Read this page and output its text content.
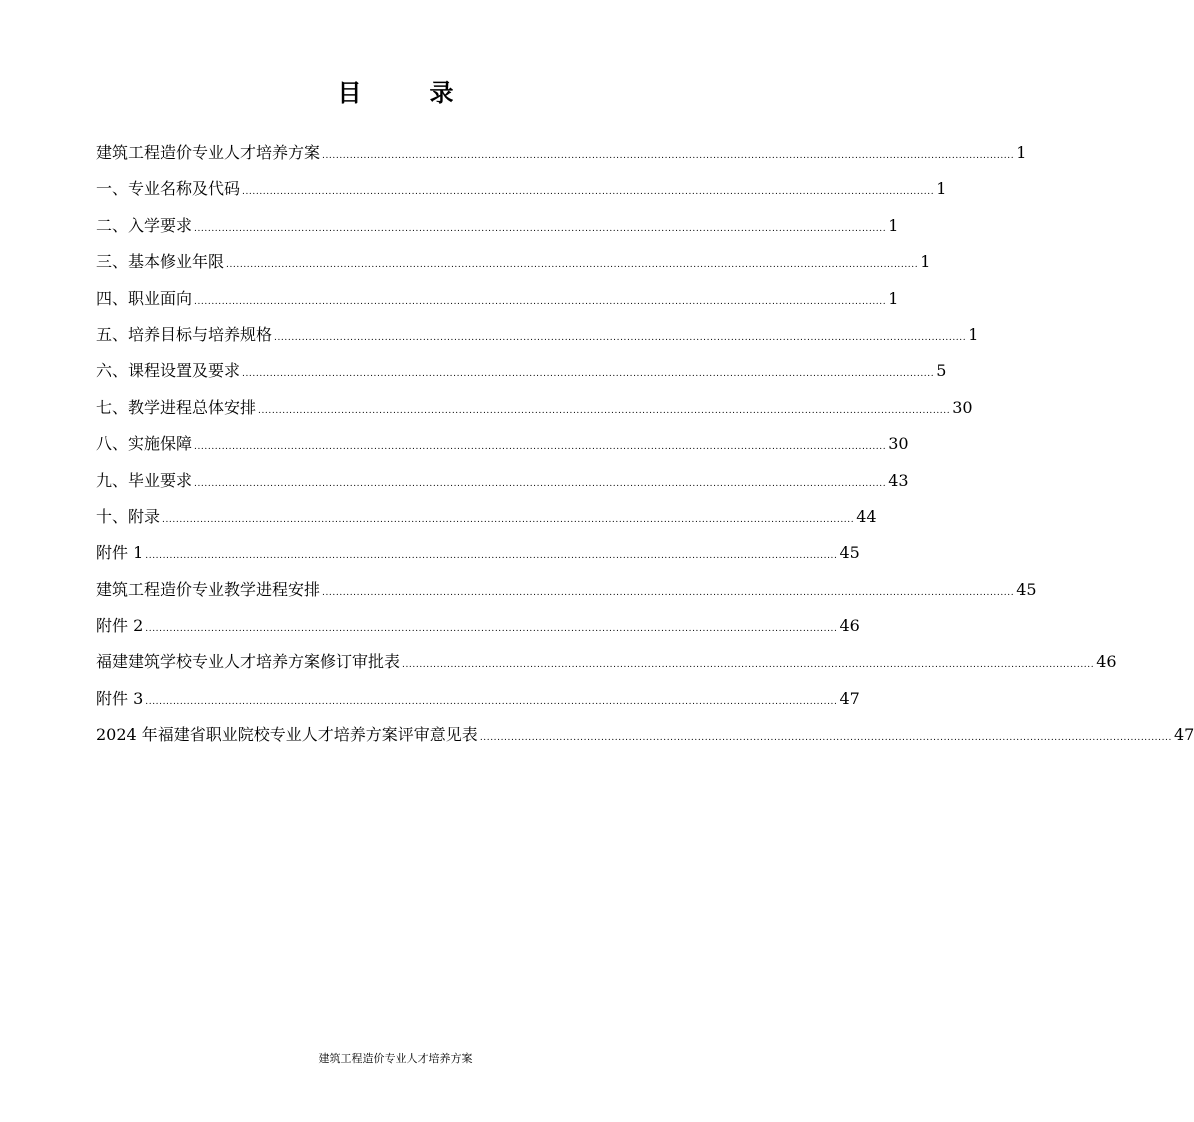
目　录
建筑工程造价专业人才培养方案 ........................................................................................................................................................................................................ 1
一、专业名称及代码 ........................................................................................................................................................................................................ 1
二、入学要求 ........................................................................................................................................................................................................ 1
三、基本修业年限 ........................................................................................................................................................................................................ 1
四、职业面向 ........................................................................................................................................................................................................ 1
五、培养目标与培养规格 ........................................................................................................................................................................................................ 1
六、课程设置及要求 ........................................................................................................................................................................................................ 5
七、教学进程总体安排 ........................................................................................................................................................................................................ 30
八、实施保障 ........................................................................................................................................................................................................ 30
九、毕业要求 ........................................................................................................................................................................................................ 43
十、附录 ........................................................................................................................................................................................................ 44
附件 1 ........................................................................................................................................................................................................ 45
建筑工程造价专业教学进程安排 ........................................................................................................................................................................................................ 45
附件 2 ........................................................................................................................................................................................................ 46
福建建筑学校专业人才培养方案修订审批表 ........................................................................................................................................................................................................ 46
附件 3 ........................................................................................................................................................................................................ 47
2024 年福建省职业院校专业人才培养方案评审意见表 ........................................................................................................................................................................................................ 47
建筑工程造价专业人才培养方案
